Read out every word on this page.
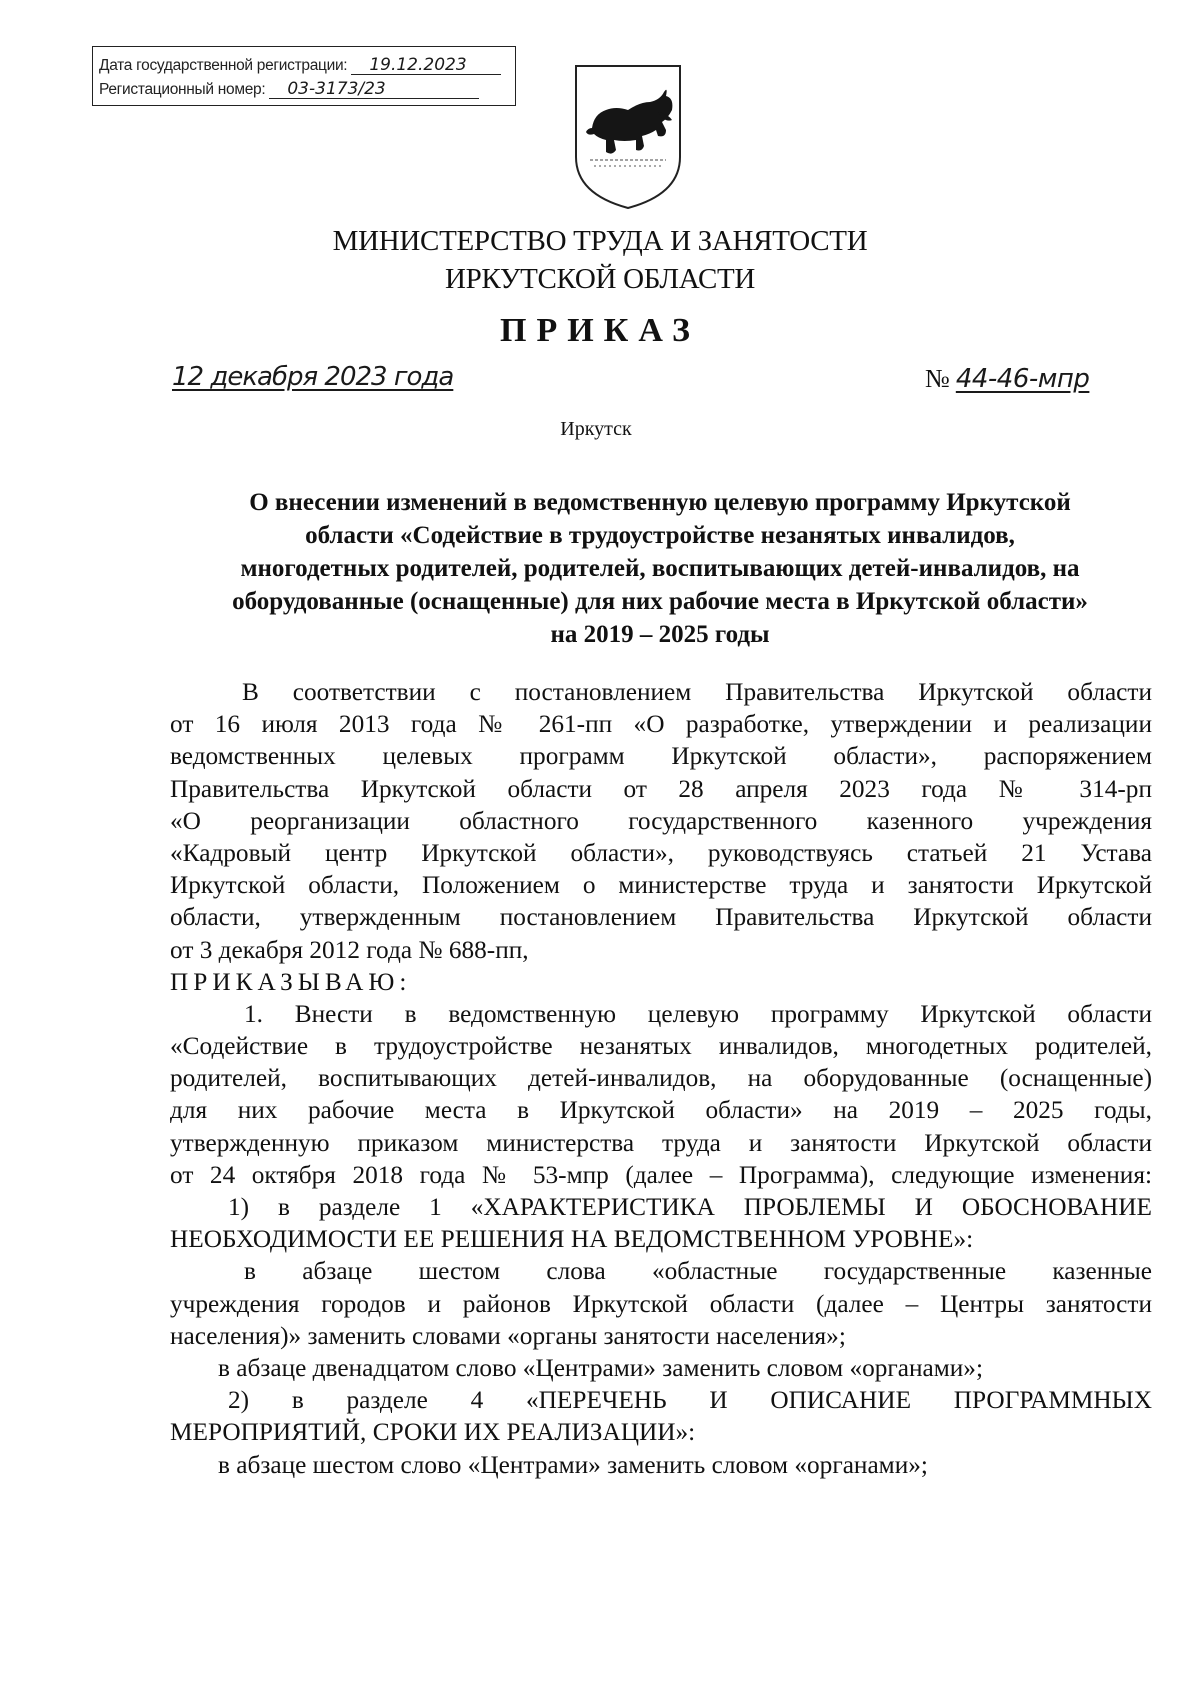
Дата государственной регистрации:	19.12.2023
Регистационный номер:	03-3173/23
МИНИСТЕРСТВО ТРУДА И ЗАНЯТОСТИ
ИРКУТСКОЙ ОБЛАСТИ
ПРИКАЗ
12 декабря 2023 года	№ 44-46-мпр
Иркутск
О внесении изменений в ведомственную целевую программу Иркутской
области «Содействие в трудоустройстве незанятых инвалидов,
многодетных родителей, родителей, воспитывающих детей-инвалидов, на
оборудованные (оснащенные) для них рабочие места в Иркутской области»
на 2019 – 2025 годы
В соответствии с постановлением Правительства Иркутской области
от 16 июля 2013 года № 261-пп «О разработке, утверждении и реализации
ведомственных целевых программ Иркутской области», распоряжением
Правительства Иркутской области от 28 апреля 2023 года № 314-рп
«О реорганизации областного государственного казенного учреждения
«Кадровый центр Иркутской области», руководствуясь статьей 21 Устава
Иркутской области, Положением о министерстве труда и занятости Иркутской
области, утвержденным постановлением Правительства Иркутской области
от 3 декабря 2012 года № 688-пп,
ПРИКАЗЫВАЮ:
1. Внести в ведомственную целевую программу Иркутской области
«Содействие в трудоустройстве незанятых инвалидов, многодетных родителей,
родителей, воспитывающих детей-инвалидов, на оборудованные (оснащенные)
для них рабочие места в Иркутской области» на 2019 – 2025 годы,
утвержденную приказом министерства труда и занятости Иркутской области
от 24 октября 2018 года № 53-мпр (далее – Программа), следующие изменения:
1) в разделе 1 «ХАРАКТЕРИСТИКА ПРОБЛЕМЫ И ОБОСНОВАНИЕ
НЕОБХОДИМОСТИ ЕЕ РЕШЕНИЯ НА ВЕДОМСТВЕННОМ УРОВНЕ»:
в абзаце шестом слова «областные государственные казенные
учреждения городов и районов Иркутской области (далее – Центры занятости
населения)» заменить словами «органы занятости населения»;
в абзаце двенадцатом слово «Центрами» заменить словом «органами»;
2) в разделе 4 «ПЕРЕЧЕНЬ И ОПИСАНИЕ ПРОГРАММНЫХ
МЕРОПРИЯТИЙ, СРОКИ ИХ РЕАЛИЗАЦИИ»:
в абзаце шестом слово «Центрами» заменить словом «органами»;
